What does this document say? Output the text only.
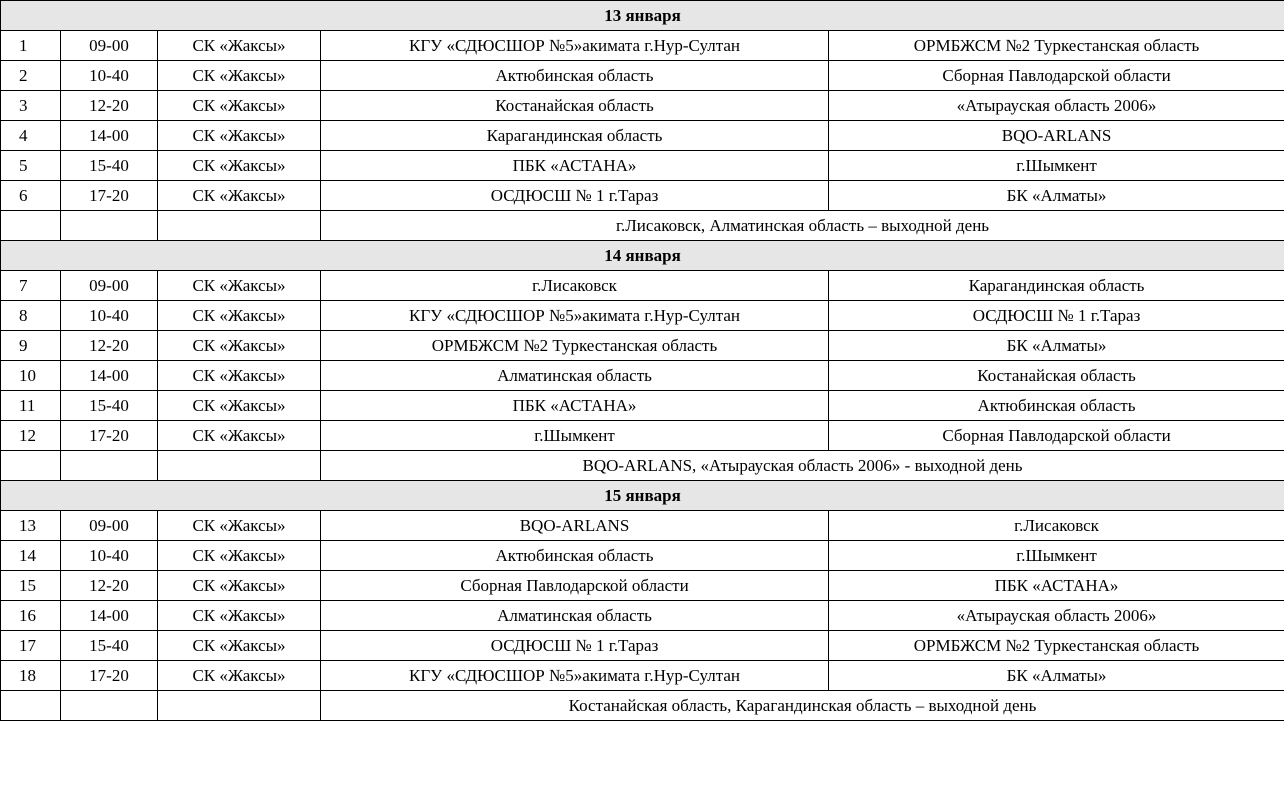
13 января				
1	09-00	СК «Жаксы»	КГУ «СДЮСШОР №5»акимата г.Нур-Султан	ОРМБЖСМ №2 Туркестанская область
2	10-40	СК «Жаксы»	Актюбинская область	Сборная Павлодарской области
3	12-20	СК «Жаксы»	Костанайская область	«Атырауская область 2006»
4	14-00	СК «Жаксы»	Карагандинская область	BQO-ARLANS
5	15-40	СК «Жаксы»	ПБК «АСТАНА»	г.Шымкент
6	17-20	СК «Жаксы»	ОСДЮСШ № 1 г.Тараз	БК «Алматы»
			г.Лисаковск, Алматинская область – выходной день	
14 января				
7	09-00	СК «Жаксы»	г.Лисаковск	Карагандинская область
8	10-40	СК «Жаксы»	КГУ «СДЮСШОР №5»акимата г.Нур-Султан	ОСДЮСШ № 1 г.Тараз
9	12-20	СК «Жаксы»	ОРМБЖСМ №2 Туркестанская область	БК «Алматы»
10	14-00	СК «Жаксы»	Алматинская область	Костанайская область
11	15-40	СК «Жаксы»	ПБК «АСТАНА»	Актюбинская область
12	17-20	СК «Жаксы»	г.Шымкент	Сборная Павлодарской области
			BQO-ARLANS, «Атырауская область 2006» - выходной день	
15 января				
13	09-00	СК «Жаксы»	BQO-ARLANS	г.Лисаковск
14	10-40	СК «Жаксы»	Актюбинская область	г.Шымкент
15	12-20	СК «Жаксы»	Сборная Павлодарской области	ПБК «АСТАНА»
16	14-00	СК «Жаксы»	Алматинская область	«Атырауская область 2006»
17	15-40	СК «Жаксы»	ОСДЮСШ № 1 г.Тараз	ОРМБЖСМ №2 Туркестанская область
18	17-20	СК «Жаксы»	КГУ «СДЮСШОР №5»акимата г.Нур-Султан	БК «Алматы»
			Костанайская область, Карагандинская область – выходной день	
